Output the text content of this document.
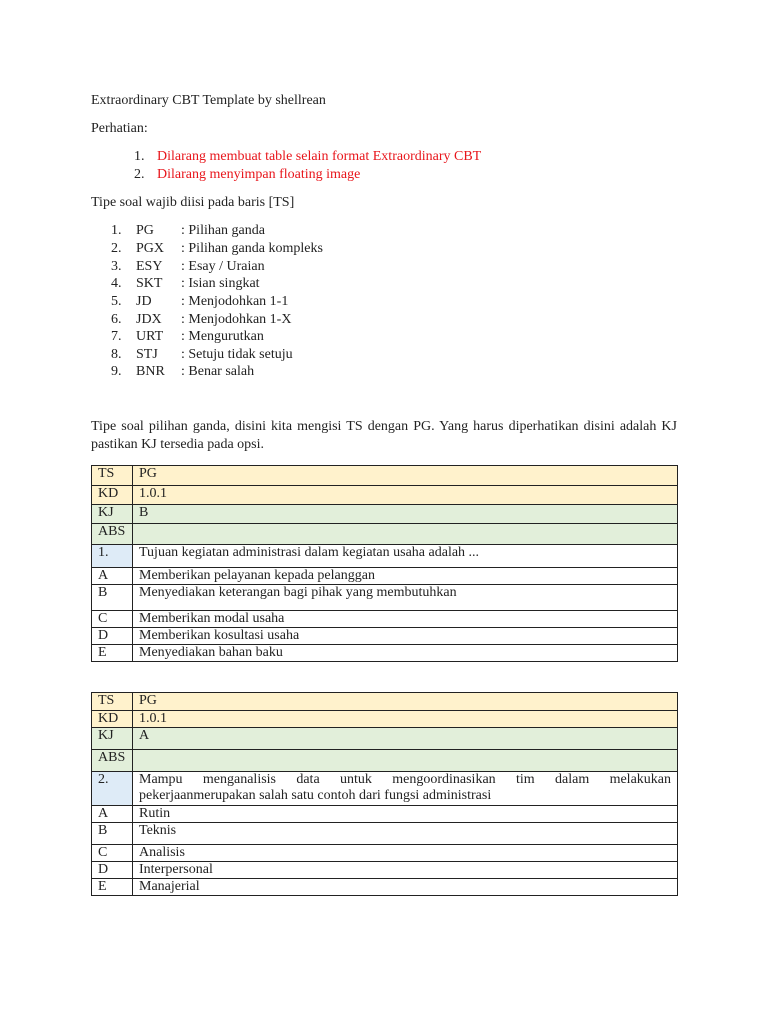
Extraordinary CBT Template by shellrean
Perhatian:
1. Dilarang membuat table selain format Extraordinary CBT
2. Dilarang menyimpan floating image
Tipe soal wajib diisi pada baris [TS]
1. PG : Pilihan ganda
2. PGX : Pilihan ganda kompleks
3. ESY : Esay / Uraian
4. SKT : Isian singkat
5. JD : Menjodohkan 1-1
6. JDX : Menjodohkan 1-X
7. URT : Mengurutkan
8. STJ : Setuju tidak setuju
9. BNR : Benar salah
Tipe soal pilihan ganda, disini kita mengisi TS dengan PG. Yang harus diperhatikan disini adalah KJ pastikan KJ tersedia pada opsi.
TS	PG
KD	1.0.1
KJ	B
ABS	
1.	Tujuan kegiatan administrasi dalam kegiatan usaha adalah ...
A	Memberikan pelayanan kepada pelanggan
B	Menyediakan keterangan bagi pihak yang membutuhkan
C	Memberikan modal usaha
D	Memberikan kosultasi usaha
E	Menyediakan bahan baku
TS	PG
KD	1.0.1
KJ	A
ABS	
2.	Mampu menganalisis data untuk mengoordinasikan tim dalam melakukan pekerjaanmerupakan salah satu contoh dari fungsi administrasi
A	Rutin
B	Teknis
C	Analisis
D	Interpersonal
E	Manajerial
